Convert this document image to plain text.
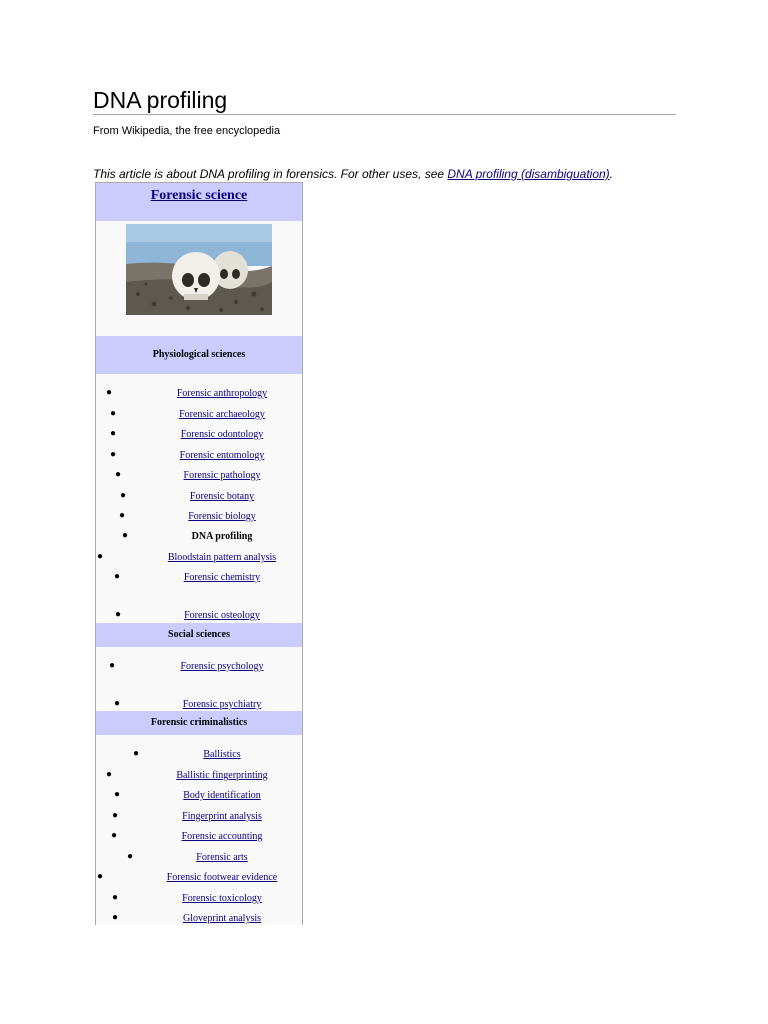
DNA profiling
From Wikipedia, the free encyclopedia
This article is about DNA profiling in forensics. For other uses, see DNA profiling (disambiguation).
Forensic science
Physiological sciences
●	Forensic anthropology
●	Forensic archaeology
●	Forensic odontology
●	Forensic entomology
●	Forensic pathology
●	Forensic botany
●	Forensic biology
●	DNA profiling
●	Bloodstain pattern analysis
●	Forensic chemistry
●	Forensic osteology
Social sciences
●	Forensic psychology
●	Forensic psychiatry
Forensic criminalistics
●	Ballistics
●	Ballistic fingerprinting
●	Body identification
●	Fingerprint analysis
●	Forensic accounting
●	Forensic arts
●	Forensic footwear evidence
●	Forensic toxicology
●	Gloveprint analysis
